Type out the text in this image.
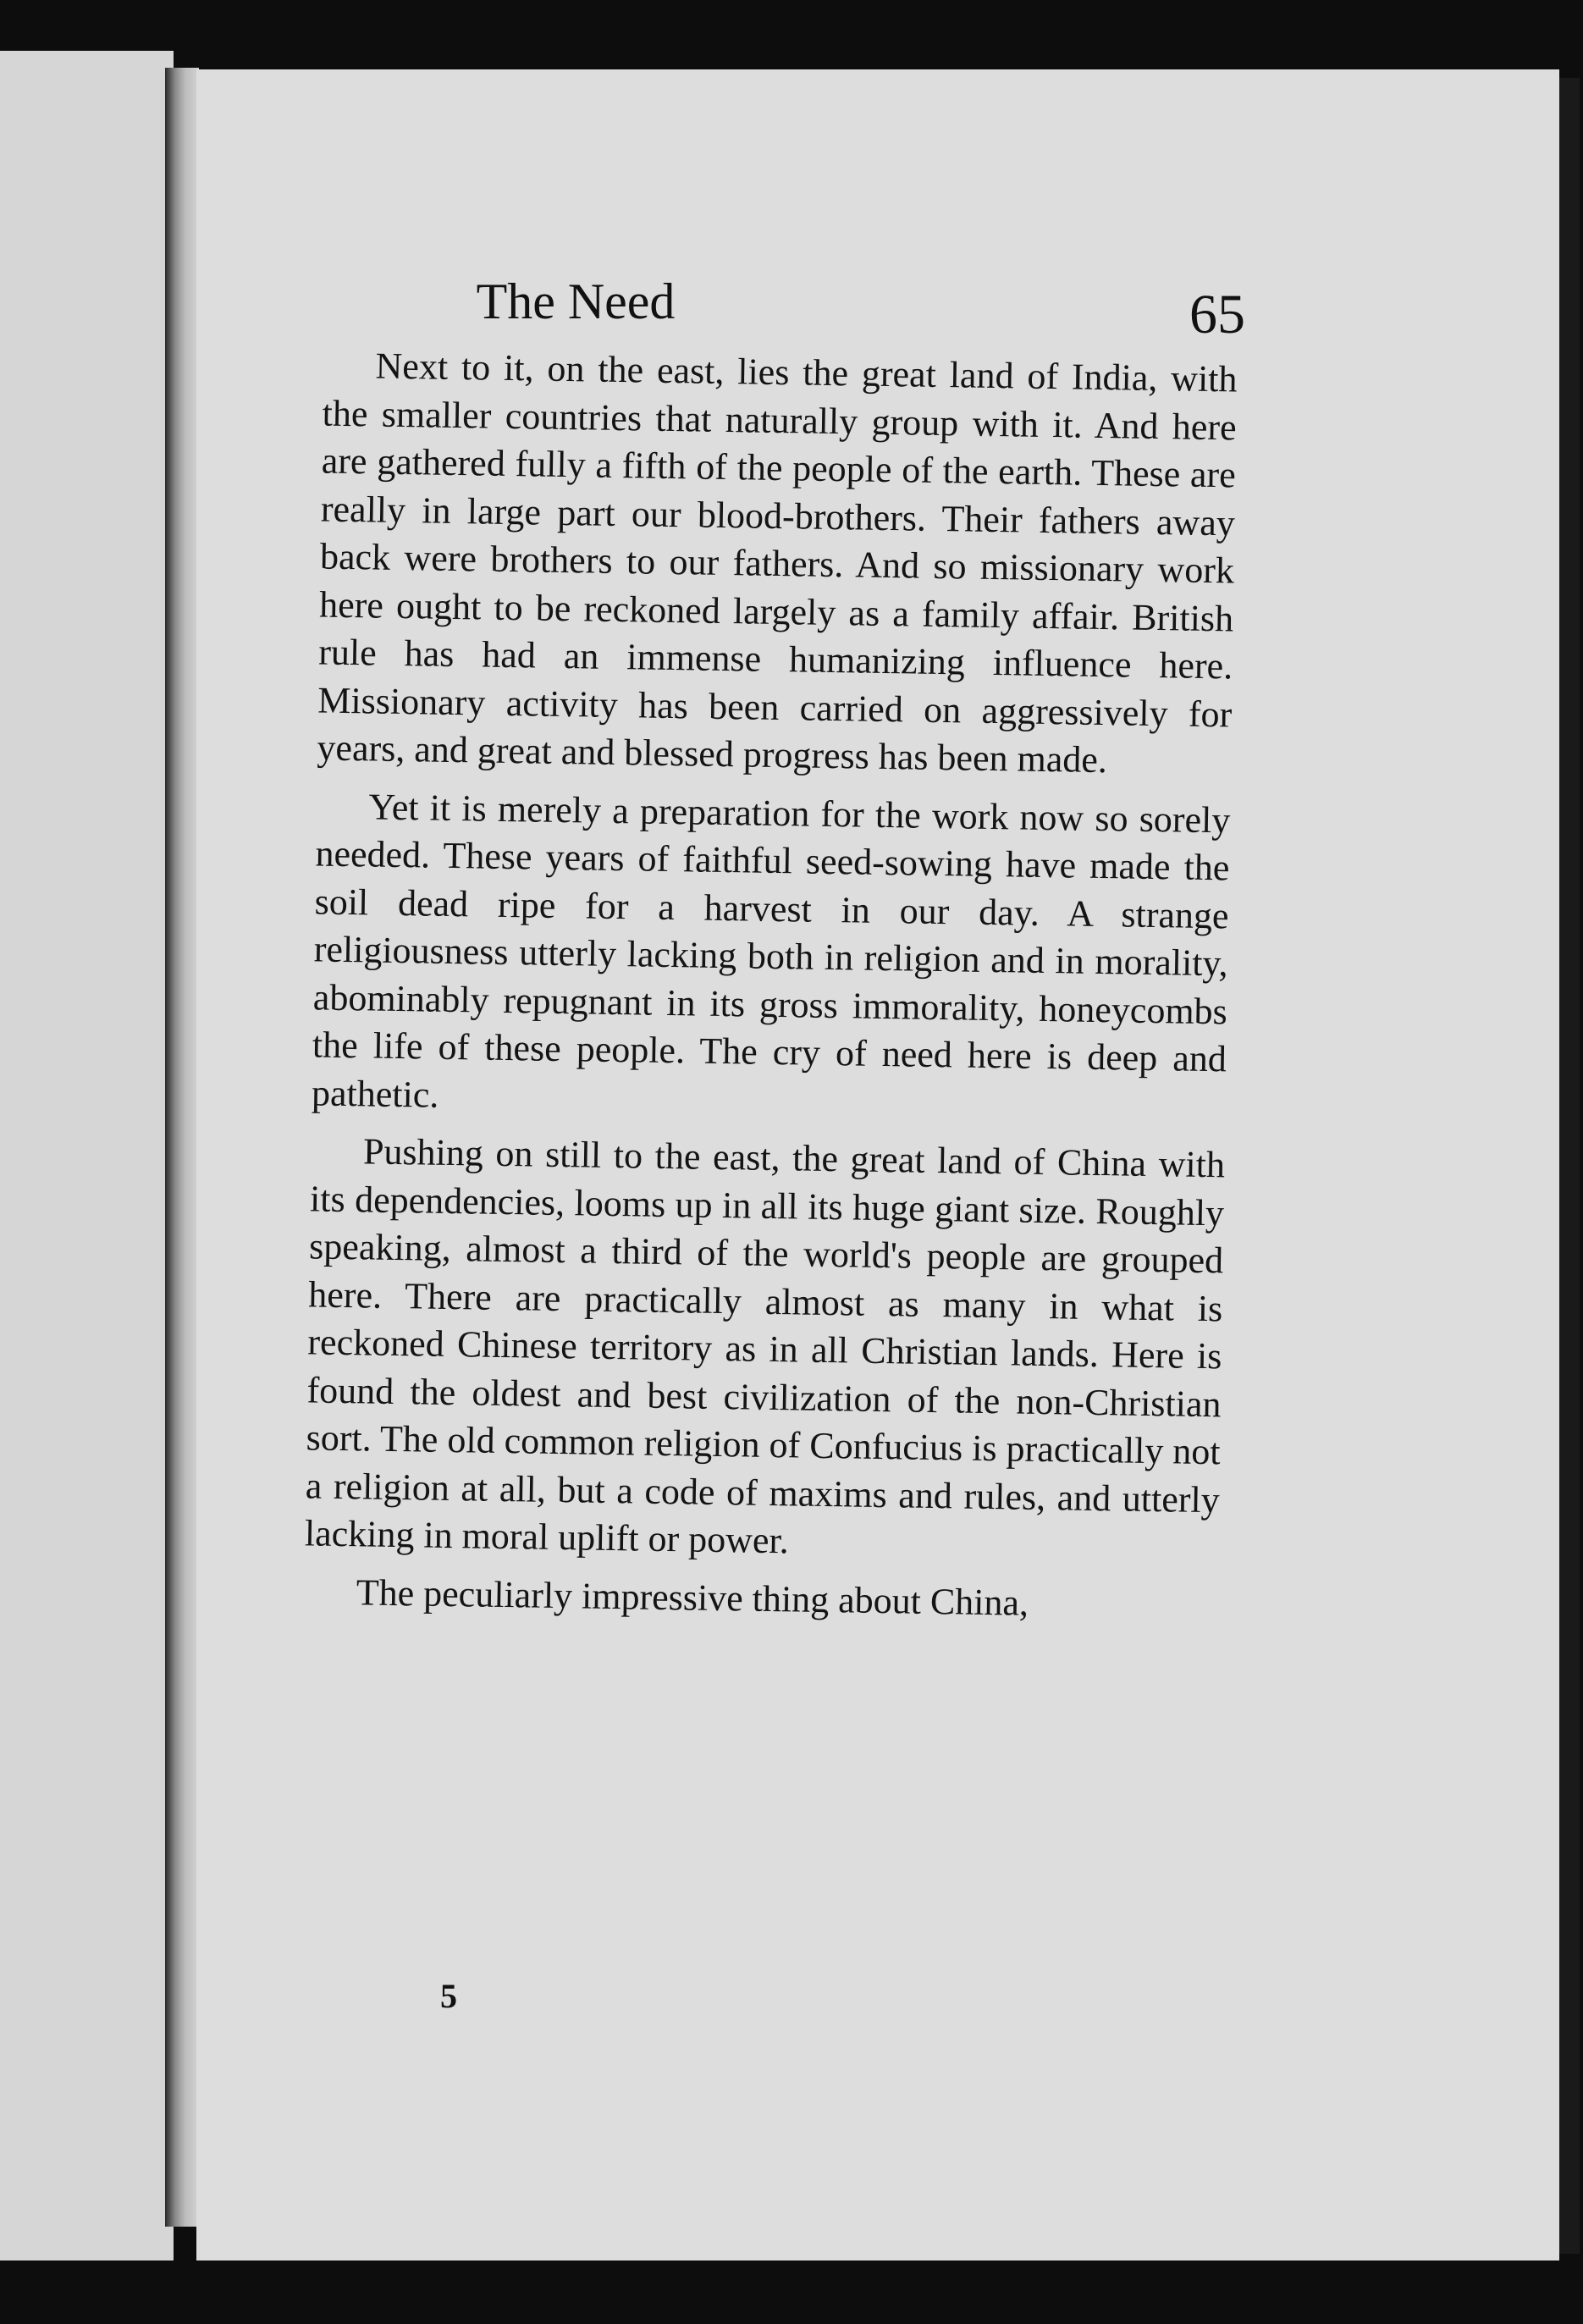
The Need	65

Next to it, on the east, lies the great land of India, with the smaller countries that naturally group with it. And here are gathered fully a fifth of the people of the earth. These are really in large part our blood-brothers. Their fathers away back were brothers to our fathers. And so missionary work here ought to be reckoned largely as a family affair. British rule has had an immense humanizing influence here. Missionary activity has been carried on aggressively for years, and great and blessed progress has been made.

Yet it is merely a preparation for the work now so sorely needed. These years of faithful seed-sowing have made the soil dead ripe for a harvest in our day. A strange religiousness utterly lacking both in religion and in morality, abominably repugnant in its gross immorality, honeycombs the life of these people. The cry of need here is deep and pathetic.

Pushing on still to the east, the great land of China with its dependencies, looms up in all its huge giant size. Roughly speaking, almost a third of the world's people are grouped here. There are practically almost as many in what is reckoned Chinese territory as in all Christian lands. Here is found the oldest and best civilization of the non-Christian sort. The old common religion of Confucius is practically not a religion at all, but a code of maxims and rules, and utterly lacking in moral uplift or power.

The peculiarly impressive thing about China,

5
